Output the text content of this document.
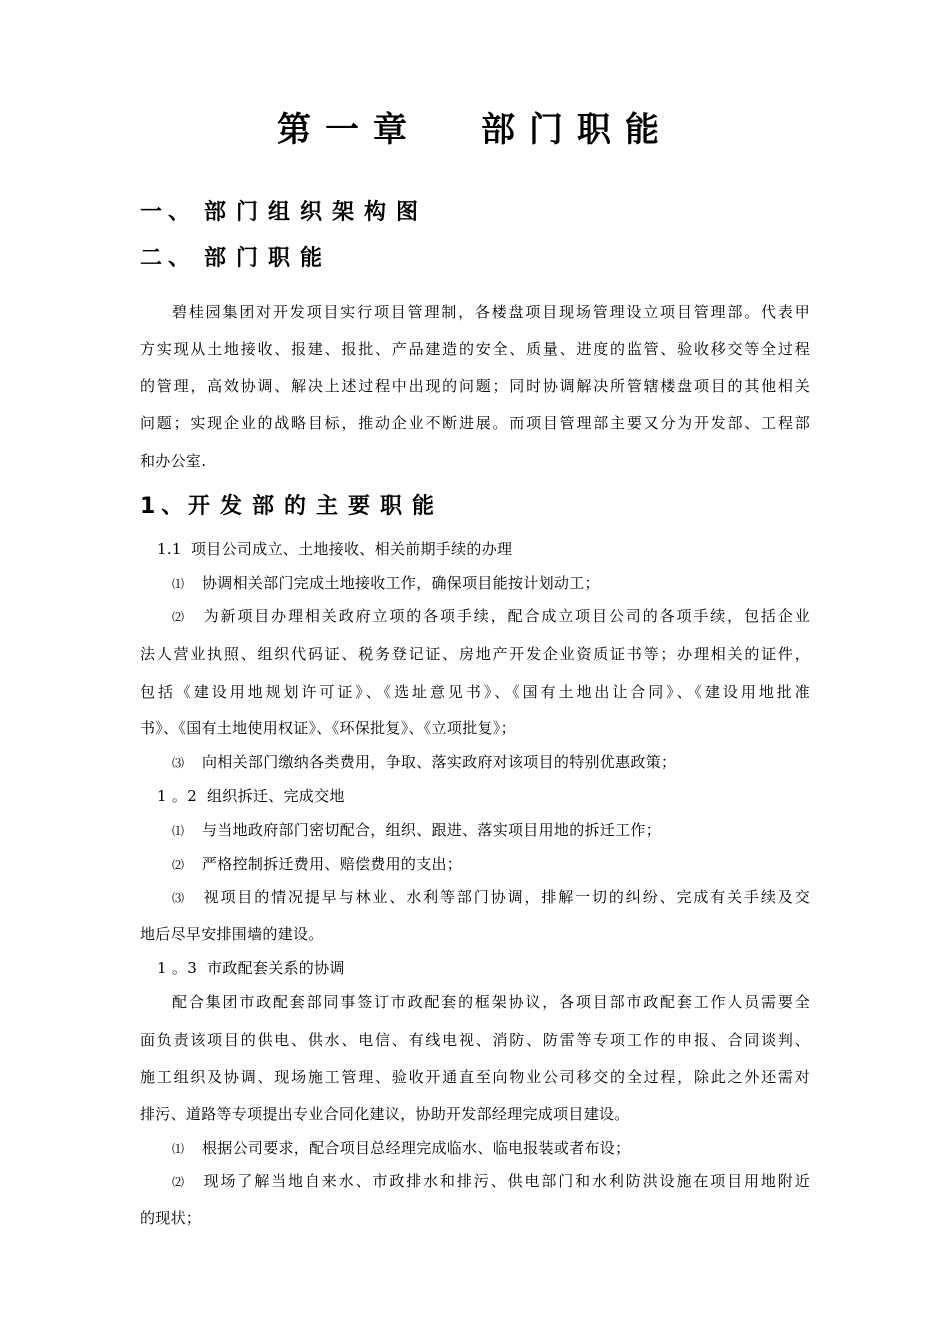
第一章 部门职能
一、 部门组织架构图
二、 部门职能
碧桂园集团对开发项目实行项目管理制，各楼盘项目现场管理设立项目管理部。代表甲
方实现从土地接收、报建、报批、产品建造的安全、质量、进度的监管、验收移交等全过程
的管理，高效协调、解决上述过程中出现的问题；同时协调解决所管辖楼盘项目的其他相关
问题；实现企业的战略目标，推动企业不断进展。而项目管理部主要又分为开发部、工程部
和办公室.
1、开发部的主要职能
1.1 项目公司成立、土地接收、相关前期手续的办理
⑴ 协调相关部门完成土地接收工作，确保项目能按计划动工；
⑵ 为新项目办理相关政府立项的各项手续，配合成立项目公司的各项手续，包括企业
法人营业执照、组织代码证、税务登记证、房地产开发企业资质证书等；办理相关的证件，
包括《建设用地规划许可证》、《选址意见书》、《国有土地出让合同》、《建设用地批准
书》、《国有土地使用权证》、《环保批复》、《立项批复》；
⑶ 向相关部门缴纳各类费用，争取、落实政府对该项目的特别优惠政策；
1 。2 组织拆迁、完成交地
⑴ 与当地政府部门密切配合，组织、跟进、落实项目用地的拆迁工作；
⑵ 严格控制拆迁费用、赔偿费用的支出；
⑶ 视项目的情况提早与林业、水利等部门协调，排解一切的纠纷、完成有关手续及交
地后尽早安排围墙的建设。
1 。3 市政配套关系的协调
配合集团市政配套部同事签订市政配套的框架协议，各项目部市政配套工作人员需要全
面负责该项目的供电、供水、电信、有线电视、消防、防雷等专项工作的申报、合同谈判、
施工组织及协调、现场施工管理、验收开通直至向物业公司移交的全过程，除此之外还需对
排污、道路等专项提出专业合同化建议，协助开发部经理完成项目建设。
⑴ 根据公司要求，配合项目总经理完成临水、临电报装或者布设；
⑵ 现场了解当地自来水、市政排水和排污、供电部门和水利防洪设施在项目用地附近
的现状；
